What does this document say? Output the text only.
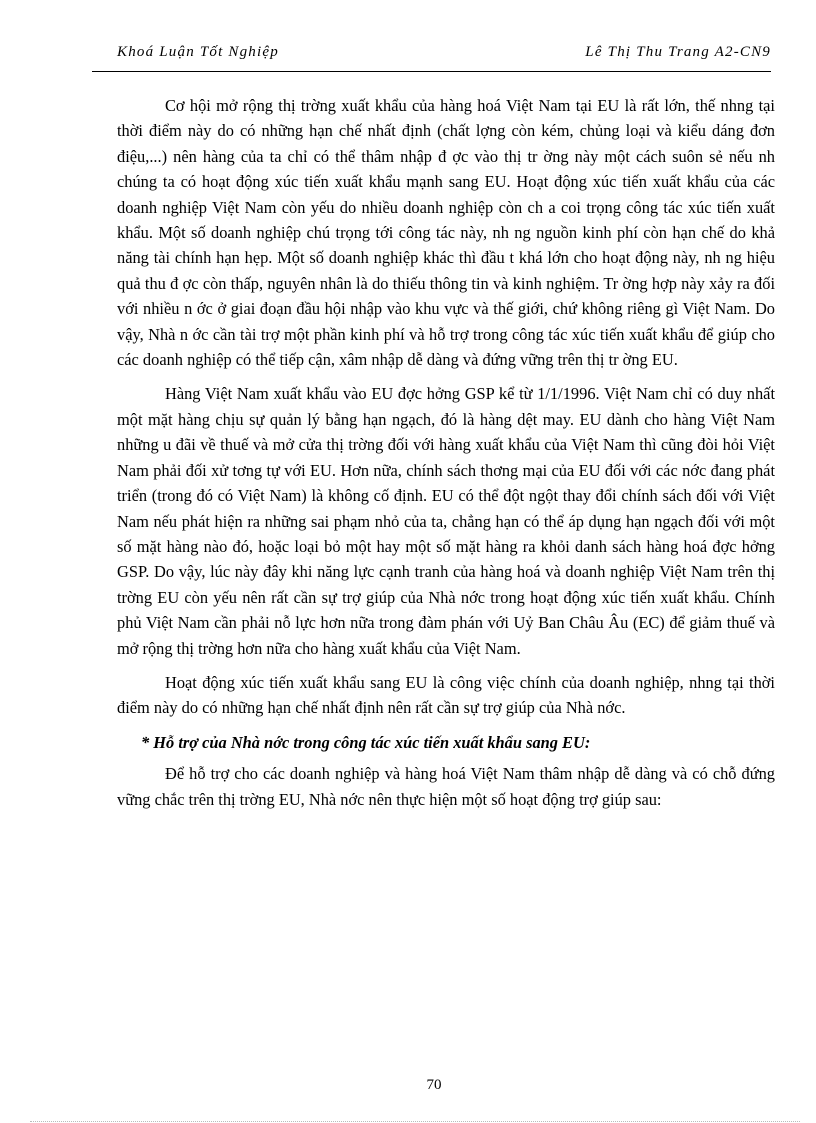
Khoá Luận Tốt Nghiệp	Lê Thị Thu Trang A2-CN9

Cơ hội mở rộng thị trờng xuất khẩu của hàng hoá Việt Nam tại EU là rất lớn, thế nhng tại thời điểm này do có những hạn chế nhất định (chất lợng còn kém, chủng loại và kiểu dáng đơn điệu,...) nên hàng của ta chỉ có thể thâm nhập đ ợc vào thị tr ờng này một cách suôn sẻ nếu nh chúng ta có hoạt động xúc tiến xuất khẩu mạnh sang EU. Hoạt động xúc tiến xuất khẩu của các doanh nghiệp Việt Nam còn yếu do nhiều doanh nghiệp còn ch a coi trọng công tác xúc tiến xuất khẩu. Một số doanh nghiệp chú trọng tới công tác này, nh ng nguồn kinh phí còn hạn chế do khả năng tài chính hạn hẹp. Một số doanh nghiệp khác thì đầu t khá lớn cho hoạt động này, nh ng hiệu quả thu đ ợc còn thấp, nguyên nhân là do thiếu thông tin và kinh nghiệm. Tr ờng hợp này xảy ra đối với nhiều n ớc ở giai đoạn đầu hội nhập vào khu vực và thế giới, chứ không riêng gì Việt Nam. Do vậy, Nhà n ớc cần tài trợ một phần kinh phí và hỗ trợ trong công tác xúc tiến xuất khẩu để giúp cho các doanh nghiệp có thể tiếp cận, xâm nhập dễ dàng và đứng vững trên thị tr ờng EU.

Hàng Việt Nam xuất khẩu vào EU đợc hởng GSP kể từ 1/1/1996. Việt Nam chỉ có duy nhất một mặt hàng chịu sự quản lý bằng hạn ngạch, đó là hàng dệt may. EU dành cho hàng Việt Nam những u đãi về thuế và mở cửa thị trờng đối với hàng xuất khẩu của Việt Nam thì cũng đòi hỏi Việt Nam phải đối xử tơng tự với EU. Hơn nữa, chính sách thơng mại của EU đối với các nớc đang phát triển (trong đó có Việt Nam) là không cố định. EU có thể đột ngột thay đổi chính sách đối với Việt Nam nếu phát hiện ra những sai phạm nhỏ của ta, chẳng hạn có thể áp dụng hạn ngạch đối với một số mặt hàng nào đó, hoặc loại bỏ một hay một số mặt hàng ra khỏi danh sách hàng hoá đợc hởng GSP. Do vậy, lúc này đây khi năng lực cạnh tranh của hàng hoá và doanh nghiệp Việt Nam trên thị trờng EU còn yếu nên rất cần sự trợ giúp của Nhà nớc trong hoạt động xúc tiến xuất khẩu. Chính phủ Việt Nam cần phải nỗ lực hơn nữa trong đàm phán với Uỷ Ban Châu Âu (EC) để giảm thuế và mở rộng thị trờng hơn nữa cho hàng xuất khẩu của Việt Nam.

Hoạt động xúc tiến xuất khẩu sang EU là công việc chính của doanh nghiệp, nhng tại thời điểm này do có những hạn chế nhất định nên rất cần sự trợ giúp của Nhà nớc.

* Hỗ trợ của Nhà nớc trong công tác xúc tiến xuất khẩu sang EU:

Để hỗ trợ cho các doanh nghiệp và hàng hoá Việt Nam thâm nhập dễ dàng và có chỗ đứng vững chắc trên thị trờng EU, Nhà nớc nên thực hiện một số hoạt động trợ giúp sau:

70
